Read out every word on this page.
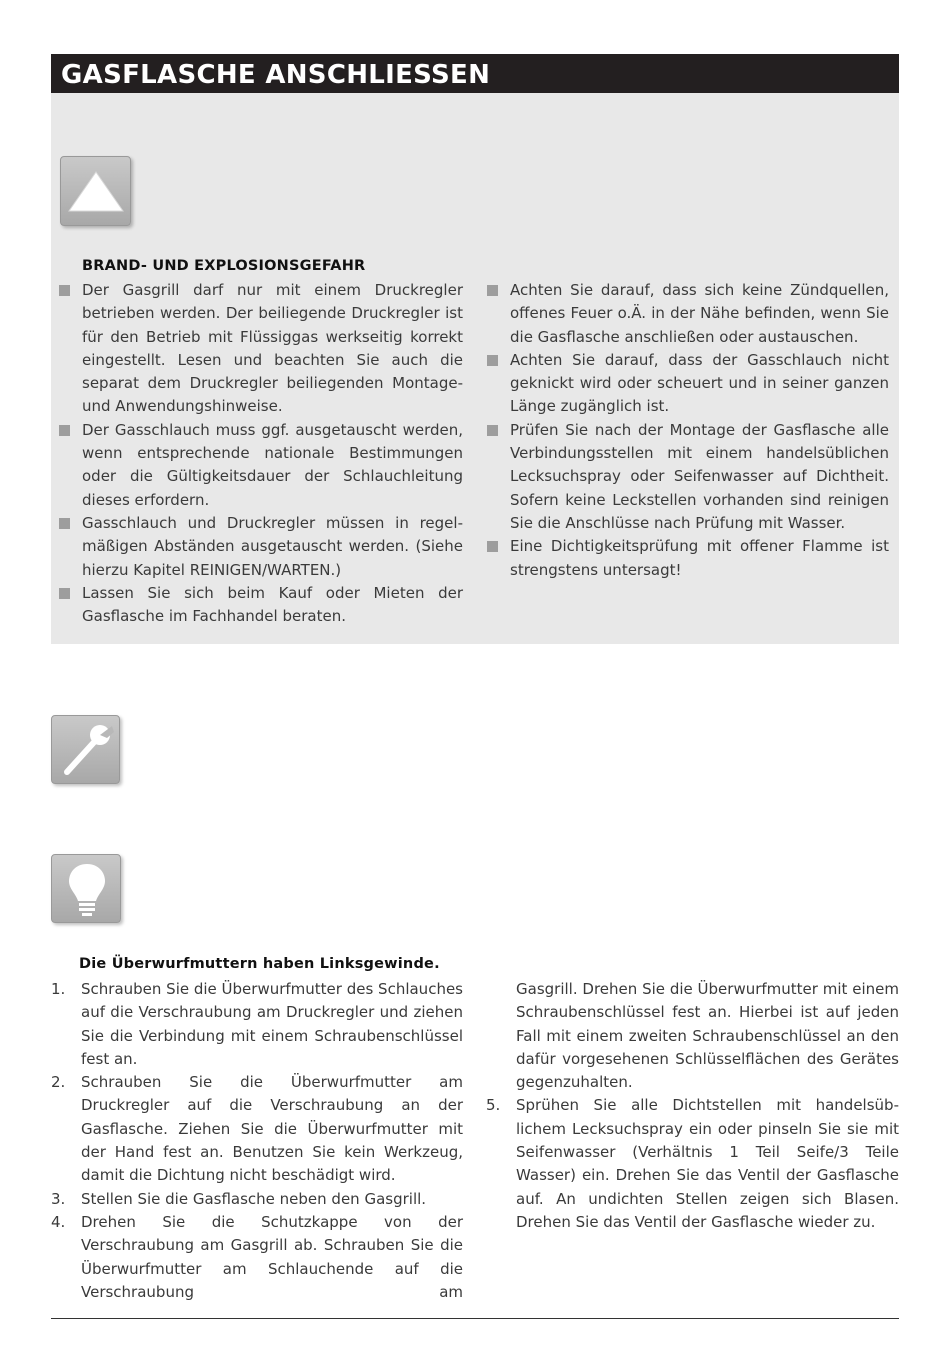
GASFLASCHE ANSCHLIESSEN
BRAND- UND EXPLOSIONSGEFAHR
Der Gasgrill darf nur mit einem Druckregler betrieben werden. Der beiliegende Druckregler ist für den Betrieb mit Flüssiggas werkseitig korrekt eingestellt. Lesen und beachten Sie auch die separat dem Druckregler beiliegenden Montage- und Anwendungshinweise.
Der Gasschlauch muss ggf. ausgetauscht werden, wenn entsprechende nationale Bestimmungen oder die Gültigkeitsdauer der Schlauchleitung dieses erfordern.
Gasschlauch und Druckregler müssen in regel-mäßigen Abständen ausgetauscht werden. (Siehe hierzu Kapitel REINIGEN/WARTEN.)
Lassen Sie sich beim Kauf oder Mieten der Gasflasche im Fachhandel beraten.
Achten Sie darauf, dass sich keine Zündquellen, offenes Feuer o.Ä. in der Nähe befinden, wenn Sie die Gasflasche anschließen oder austauschen.
Achten Sie darauf, dass der Gasschlauch nicht geknickt wird oder scheuert und in seiner ganzen Länge zugänglich ist.
Prüfen Sie nach der Montage der Gasflasche alle Verbindungsstellen mit einem handelsüblichen Lecksuchspray oder Seifenwasser auf Dichtheit. Sofern keine Leckstellen vorhanden sind reinigen Sie die Anschlüsse nach Prüfung mit Wasser.
Eine Dichtigkeitsprüfung mit offener Flamme ist strengstens untersagt!
Die Überwurfmuttern haben Linksgewinde.
1. Schrauben Sie die Überwurfmutter des Schlauches auf die Verschraubung am Druckregler und ziehen Sie die Verbindung mit einem Schraubenschlüssel fest an.
2. Schrauben Sie die Überwurfmutter am Druckregler auf die Verschraubung an der Gasflasche. Ziehen Sie die Überwurfmutter mit der Hand fest an. Benutzen Sie kein Werkzeug, damit die Dichtung nicht beschädigt wird.
3. Stellen Sie die Gasflasche neben den Gasgrill.
4. Drehen Sie die Schutzkappe von der Verschraubung am Gasgrill ab. Schrauben Sie die Überwurfmutter am Schlauchende auf die Verschraubung am
Gasgrill. Drehen Sie die Überwurfmutter mit einem Schraubenschlüssel fest an. Hierbei ist auf jeden Fall mit einem zweiten Schraubenschlüssel an den dafür vorgesehenen Schlüsselflächen des Gerätes gegenzuhalten.
5. Sprühen Sie alle Dichtstellen mit handelsüb-lichem Lecksuchspray ein oder pinseln Sie sie mit Seifenwasser (Verhältnis 1 Teil Seife/3 Teile Wasser) ein. Drehen Sie das Ventil der Gasflasche auf. An undichten Stellen zeigen sich Blasen. Drehen Sie das Ventil der Gasflasche wieder zu.
